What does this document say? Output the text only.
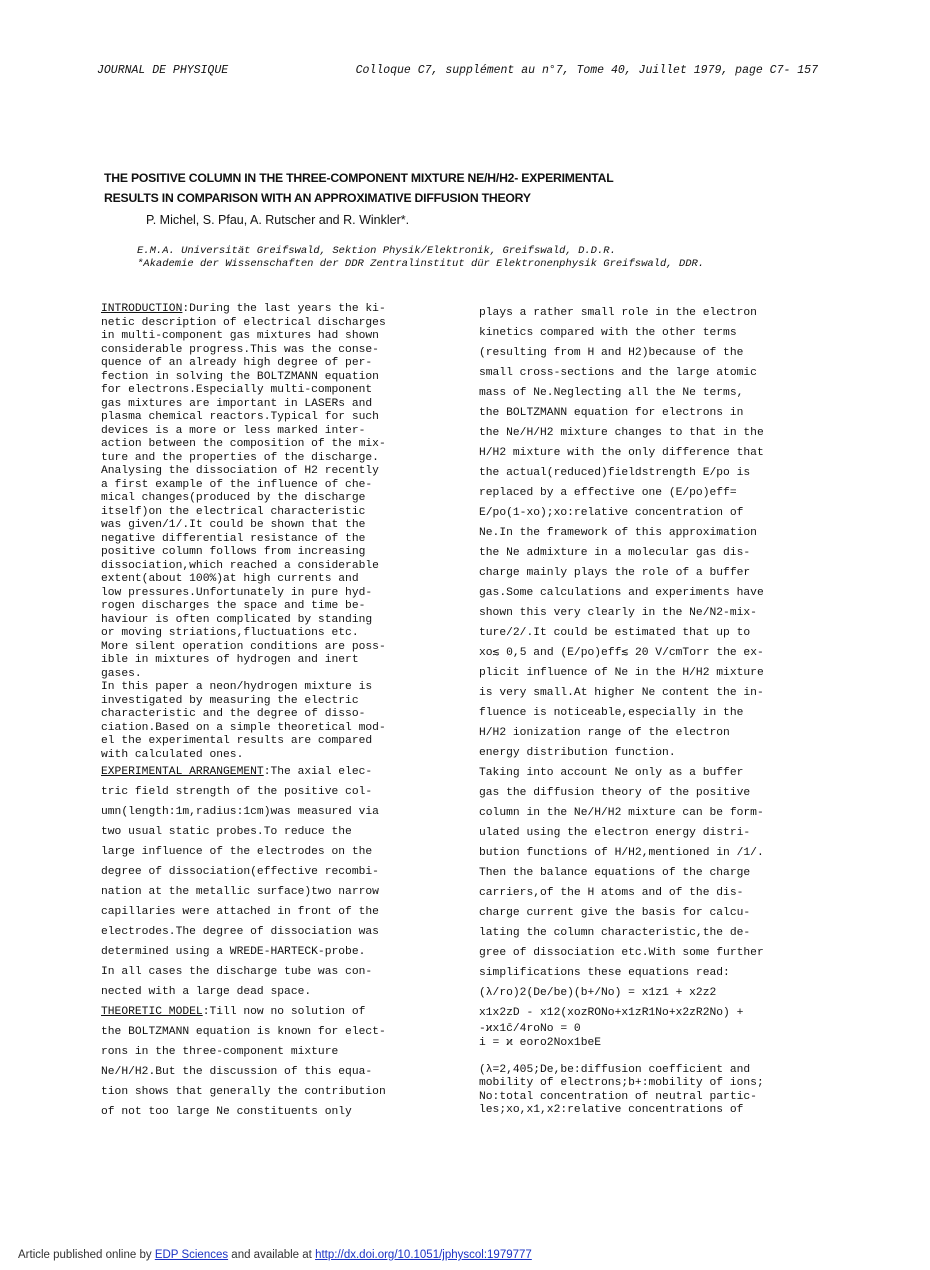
JOURNAL DE PHYSIQUE	Colloque C7, supplément au n°7, Tome 40, Juillet 1979, page C7- 157
THE POSITIVE COLUMN IN THE THREE-COMPONENT MIXTURE NE/H/H2- EXPERIMENTAL
RESULTS IN COMPARISON WITH AN APPROXIMATIVE DIFFUSION THEORY
P. Michel, S. Pfau, A. Rutscher and R. Winkler*.
E.M.A. Universität Greifswald, Sektion Physik/Elektronik, Greifswald, D.D.R.
*Akademie der Wissenschaften der DDR Zentralinstitut dür Elektronenphysik Greifswald, DDR.
INTRODUCTION:During the last years the ki-
netic description of electrical discharges
in multi-component gas mixtures had shown
considerable progress.This was the conse-
quence of an already high degree of per-
fection in solving the BOLTZMANN equation
for electrons.Especially multi-component
gas mixtures are important in LASERs and
plasma chemical reactors.Typical for such
devices is a more or less marked inter-
action between the composition of the mix-
ture and the properties of the discharge.
Analysing the dissociation of H2 recently
a first example of the influence of che-
mical changes(produced by the discharge
itself)on the electrical characteristic
was given/1/.It could be shown that the
negative differential resistance of the
positive column follows from increasing
dissociation,which reached a considerable
extent(about 100%)at high currents and
low pressures.Unfortunately in pure hyd-
rogen discharges the space and time be-
haviour is often complicated by standing
or moving striations,fluctuations etc.
More silent operation conditions are poss-
ible in mixtures of hydrogen and inert
gases.
In this paper a neon/hydrogen mixture is
investigated by measuring the electric
characteristic and the degree of disso-
ciation.Based on a simple theoretical mod-
el the experimental results are compared
with calculated ones.
EXPERIMENTAL ARRANGEMENT:The axial elec-
tric field strength of the positive col-
umn(length:1m,radius:1cm)was measured via
two usual static probes.To reduce the
large influence of the electrodes on the
degree of dissociation(effective recombi-
nation at the metallic surface)two narrow
capillaries were attached in front of the
electrodes.The degree of dissociation was
determined using a WREDE-HARTECK-probe.
In all cases the discharge tube was con-
nected with a large dead space.
THEORETIC MODEL:Till now no solution of
the BOLTZMANN equation is known for elect-
rons in the three-component mixture
Ne/H/H2.But the discussion of this equa-
tion shows that generally the contribution
of not too large Ne constituents only
plays a rather small role in the electron
kinetics compared with the other terms
(resulting from H and H2)because of the
small cross-sections and the large atomic
mass of Ne.Neglecting all the Ne terms,
the BOLTZMANN equation for electrons in
the Ne/H/H2 mixture changes to that in the
H/H2 mixture with the only difference that
the actual(reduced)fieldstrength E/po is
replaced by a effective one (E/po)eff=
E/po(1-xo);xo:relative concentration of
Ne.In the framework of this approximation
the Ne admixture in a molecular gas dis-
charge mainly plays the role of a buffer
gas.Some calculations and experiments have
shown this very clearly in the Ne/N2-mix-
ture/2/.It could be estimated that up to
xo≲ 0,5 and (E/po)eff≲ 20 V/cmTorr the ex-
plicit influence of Ne in the H/H2 mixture
is very small.At higher Ne content the in-
fluence is noticeable,especially in the
H/H2 ionization range of the electron
energy distribution function.
Taking into account Ne only as a buffer
gas the diffusion theory of the positive
column in the Ne/H/H2 mixture can be form-
ulated using the electron energy distri-
bution functions of H/H2,mentioned in /1/.
Then the balance equations of the charge
carriers,of the H atoms and of the dis-
charge current give the basis for calcu-
lating the column characteristic,the de-
gree of dissociation etc.With some further
simplifications these equations read:
(λ/ro)2(De/be)(b+/No) = x1z1 + x2z2
x1x2zD - x12(xozRONo+x1zR1No+x2zR2No) +
-ϰx1c̄/4roNo = 0
i = ϰ eoro2Nox1beE
(λ=2,405;De,be:diffusion coefficient and
mobility of electrons;b+:mobility of ions;
No:total concentration of neutral partic-
les;xo,x1,x2:relative concentrations of
Article published online by EDP Sciences and available at http://dx.doi.org/10.1051/jphyscol:1979777
